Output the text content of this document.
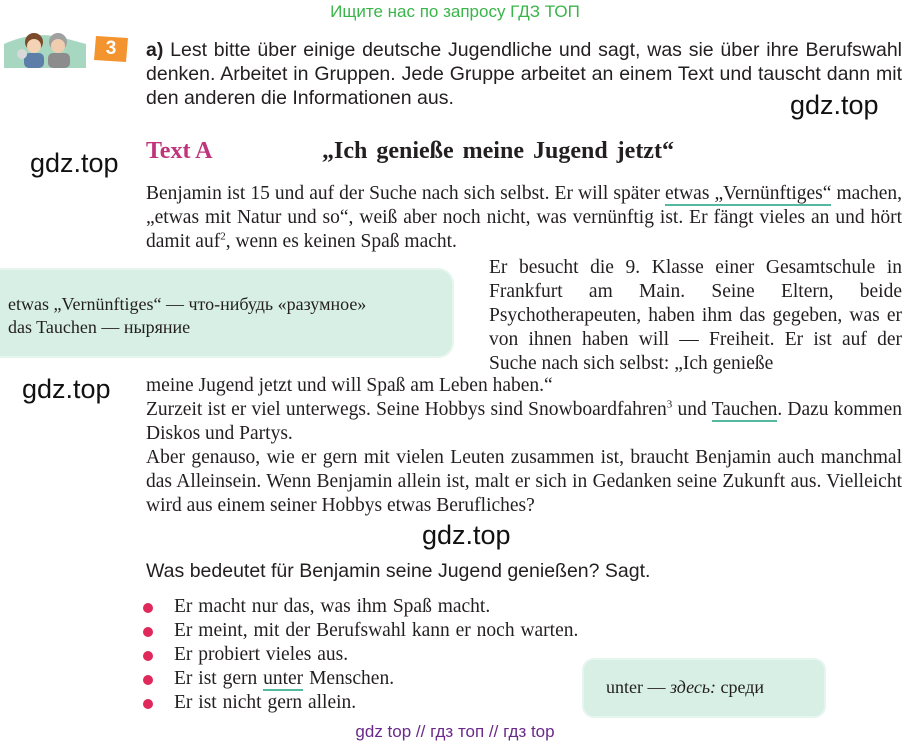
Ищите нас по запросу ГДЗ ТОП
3	a) Lest bitte über einige deutsche Jugendliche und sagt, was sie über ihre Berufswahl denken. Arbeitet in Gruppen. Jede Gruppe arbeitet an einem Text und tauscht dann mit den anderen die Informationen aus.	gdz.top
gdz.top
gdz.top
gdz.top
Text A	„Ich genieße meine Jugend jetzt“
Benjamin ist 15 und auf der Suche nach sich selbst. Er will später etwas „Vernünftiges“ machen, „etwas mit Natur und so“, weiß aber noch nicht, was vernünftig ist. Er fängt vieles an und hört damit auf$^2$, wenn es keinen Spaß macht.
etwas „Vernünftiges“ — что-нибудь «разумное»
das Tauchen — ныряние
Er besucht die 9. Klasse einer Gesamtschule in Frankfurt am Main. Seine Eltern, beide Psychotherapeuten, haben ihm das gegeben, was er von ihnen haben will — Freiheit. Er ist auf der Suche nach sich selbst: „Ich genieße
meine Jugend jetzt und will Spaß am Leben haben.“
Zurzeit ist er viel unterwegs. Seine Hobbys sind Snowboardfahren$^3$ und Tauchen. Dazu kommen Diskos und Partys.
Aber genauso, wie er gern mit vielen Leuten zusammen ist, braucht Benjamin auch manchmal das Alleinsein. Wenn Benjamin allein ist, malt er sich in Gedanken seine Zukunft aus. Vielleicht wird aus einem seiner Hobbys etwas Berufliches?
Was bedeutet für Benjamin seine Jugend genießen? Sagt.
Er macht nur das, was ihm Spaß macht.
Er meint, mit der Berufswahl kann er noch warten.
Er probiert vieles aus.
Er ist gern unter Menschen.
Er ist nicht gern allein.
unter — здесь: среди
gdz top // гдз топ // гдз top
